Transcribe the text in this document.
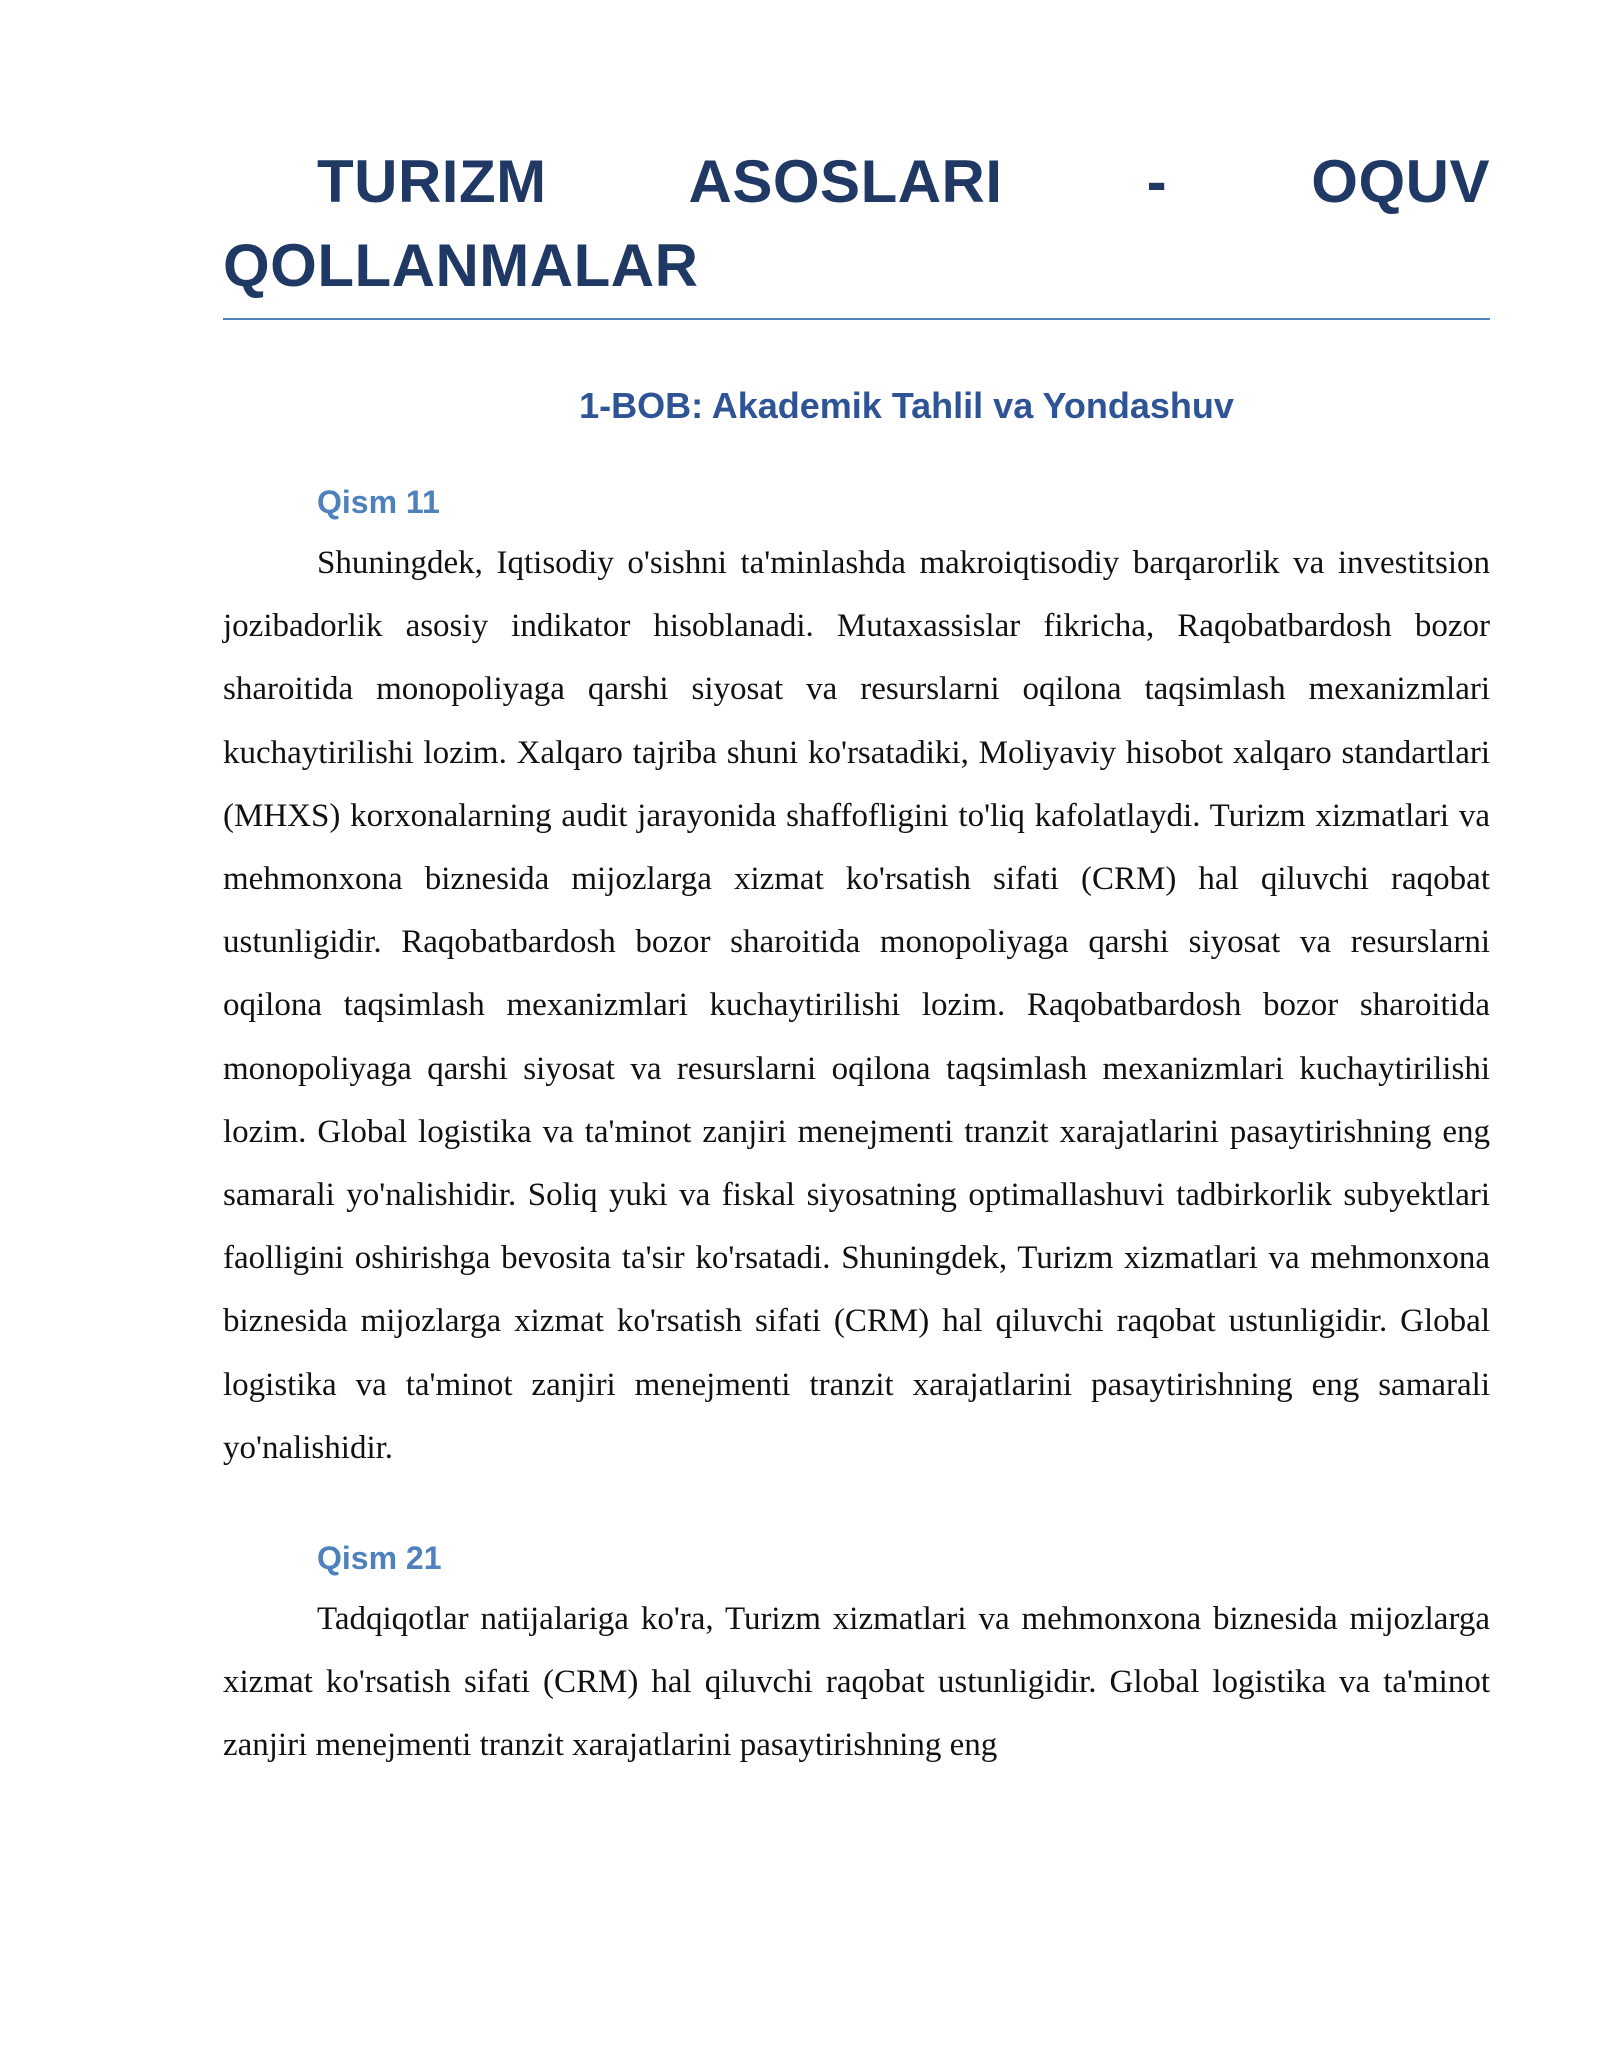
TURIZM ASOSLARI - OQUV QOLLANMALAR
1-BOB: Akademik Tahlil va Yondashuv
Qism 11

Shuningdek, Iqtisodiy o'sishni ta'minlashda makroiqtisodiy barqarorlik va investitsion jozibadorlik asosiy indikator hisoblanadi. Mutaxassislar fikricha, Raqobatbardosh bozor sharoitida monopoliyaga qarshi siyosat va resurslarni oqilona taqsimlash mexanizmlari kuchaytirilishi lozim. Xalqaro tajriba shuni ko'rsatadiki, Moliyaviy hisobot xalqaro standartlari (MHXS) korxonalarning audit jarayonida shaffofligini to'liq kafolatlaydi. Turizm xizmatlari va mehmonxona biznesida mijozlarga xizmat ko'rsatish sifati (CRM) hal qiluvchi raqobat ustunligidir. Raqobatbardosh bozor sharoitida monopoliyaga qarshi siyosat va resurslarni oqilona taqsimlash mexanizmlari kuchaytirilishi lozim. Raqobatbardosh bozor sharoitida monopoliyaga qarshi siyosat va resurslarni oqilona taqsimlash mexanizmlari kuchaytirilishi lozim. Global logistika va ta'minot zanjiri menejmenti tranzit xarajatlarini pasaytirishning eng samarali yo'nalishidir. Soliq yuki va fiskal siyosatning optimallashuvi tadbirkorlik subyektlari faolligini oshirishga bevosita ta'sir ko'rsatadi. Shuningdek, Turizm xizmatlari va mehmonxona biznesida mijozlarga xizmat ko'rsatish sifati (CRM) hal qiluvchi raqobat ustunligidir. Global logistika va ta'minot zanjiri menejmenti tranzit xarajatlarini pasaytirishning eng samarali yo'nalishidir.

Qism 21

Tadqiqotlar natijalariga ko'ra, Turizm xizmatlari va mehmonxona biznesida mijozlarga xizmat ko'rsatish sifati (CRM) hal qiluvchi raqobat ustunligidir. Global logistika va ta'minot zanjiri menejmenti tranzit xarajatlarini pasaytirishning eng
